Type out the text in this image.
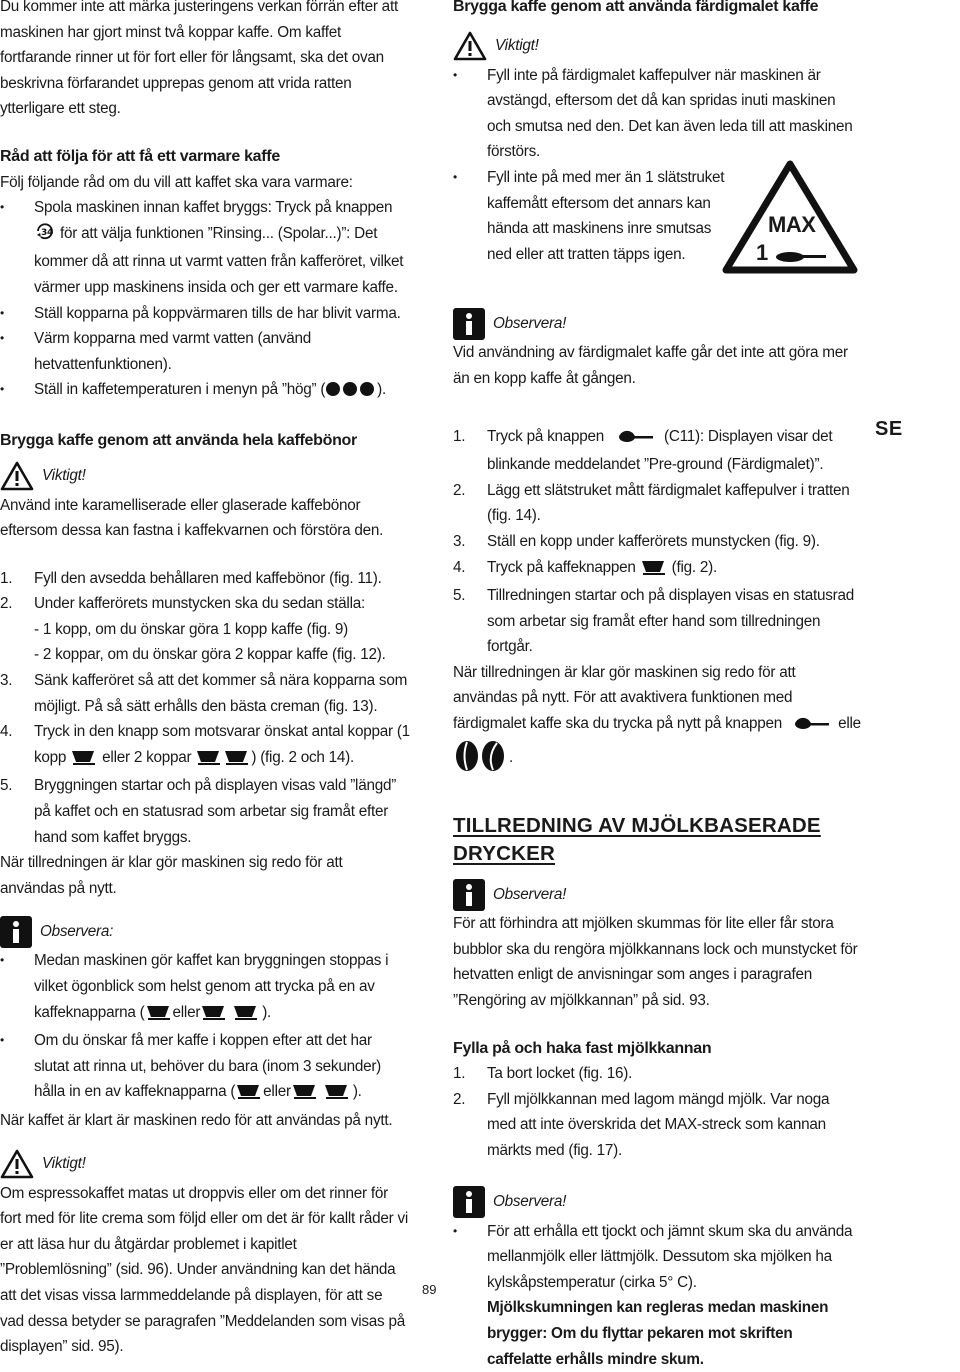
Du kommer inte att märka justeringens verkan förrän efter att maskinen har gjort minst två koppar kaffe. Om kaffet fortfarande rinner ut för fort eller för långsamt, ska det ovan beskrivna förfarandet upprepas genom att vrida ratten ytterligare ett steg.

Råd att följa för att få ett varmare kaffe

Följ följande råd om du vill att kaffet ska vara varmare:

• Spola maskinen innan kaffet bryggs: Tryck på knappen

34 för att välja funktionen ”Rinsing... (Spolar...)”: Det kommer då att rinna ut varmt vatten från kafferöret, vilket värmer upp maskinens insida och ger ett varmare kaffe.
• Ställ kopparna på koppvärmaren tills de har blivit varma.
• Värm kopparna med varmt vatten (använd hetvattenfunktionen).
• Ställ in kaffetemperaturen i menyn på ”hög” (	).
Brygga kaffe genom att använda hela kaffebönor
Viktigt!

Använd inte karamelliserade eller glaserade kaffebönor eftersom dessa kan fastna i kaffekvarnen och förstöra den.

1. Fyll den avsedda behållaren med kaffebönor (fig. 11).
2. Under kafferörets munstycken ska du sedan ställa:
- 1 kopp, om du önskar göra 1 kopp kaffe (fig. 9)
- 2 koppar, om du önskar göra 2 koppar kaffe (fig. 12).
3. Sänk kafferöret så att det kommer så nära kopparna som möjligt. På så sätt erhålls den bästa creman (fig. 13).
4. Tryck in den knapp som motsvarar önskat antal koppar (1 kopp eller 2 koppar	) (fig. 2 och 14).
5. Bryggningen startar och på displayen visas vald ”längd” på kaffet och en statusrad som arbetar sig framåt efter hand som kaffet bryggs.

När tillredningen är klar gör maskinen sig redo för att användas på nytt.

Observera:
• Medan maskinen gör kaffet kan bryggningen stoppas i vilket ögonblick som helst genom att trycka på en av kaffeknapparna ( eller	).
• Om du önskar få mer kaffe i koppen efter att det har slutat att rinna ut, behöver du bara (inom 3 sekunder) hålla in en av kaffeknapparna ( eller	).

När kaffet är klart är maskinen redo för att användas på nytt.

Viktigt!

Om espressokaffet matas ut droppvis eller om det rinner för fort med för lite crema som följd eller om det är för kallt råder vi er att läsa hur du åtgärdar problemet i kapitlet ”Problemlösning” (sid. 96). Under användning kan det hända att det visas vissa larmmeddelande på displayen, för att se vad dessa betyder se paragrafen ”Meddelanden som visas på displayen” sid. 95).

Brygga kaffe genom att använda färdigmalet kaffe
Viktigt!
• Fyll inte på färdigmalet kaffepulver när maskinen är avstängd, eftersom det då kan spridas inuti maskinen och smutsa ned den. Det kan även leda till att maskinen förstörs.
• Fyll inte på med mer än 1 slätstruket kaffemått eftersom det annars kan hända att maskinens inre smutsas ned eller att tratten täpps igen.
Observera!

Vid användning av färdigmalet kaffe går det inte att göra mer än en kopp kaffe åt gången.

1. Tryck på knappen	(C11): Displayen visar det blinkande meddelandet ”Pre-ground (Färdigmalet)”.
2. Lägg ett slätstruket mått färdigmalet kaffepulver i tratten (fig. 14).
3. Ställ en kopp under kafferörets munstycken (fig. 9).
4. Tryck på kaffeknappen (fig. 2).
5. Tillredningen startar och på displayen visas en statusrad som arbetar sig framåt efter hand som tillredningen fortgår.

När tillredningen är klar gör maskinen sig redo för att användas på nytt. För att avaktivera funktionen med färdigmalet kaffe ska du trycka på nytt på knappen	elle .

TILLREDNING AV MJÖLKBASERADE DRYCKER
Observera!

För att förhindra att mjölken skummas för lite eller får stora bubblor ska du rengöra mjölkkannans lock och munstycket för hetvatten enligt de anvisningar som anges i paragrafen ”Rengöring av mjölkkannan” på sid. 93.

Fylla på och haka fast mjölkkannan
1. Ta bort locket (fig. 16).
2. Fyll mjölkkannan med lagom mängd mjölk. Var noga med att inte överskrida det MAX-streck som kannan märkts med (fig. 17).
Observera!
• För att erhålla ett tjockt och jämnt skum ska du använda mellanmjölk eller lättmjölk. Dessutom ska mjölken ha kylskåpstemperatur (cirka 5° C).
Mjölkskumningen kan regleras medan maskinen brygger: Om du flyttar pekaren mot skriften caffelatte erhålls mindre skum.
MAX
1
SE
89
